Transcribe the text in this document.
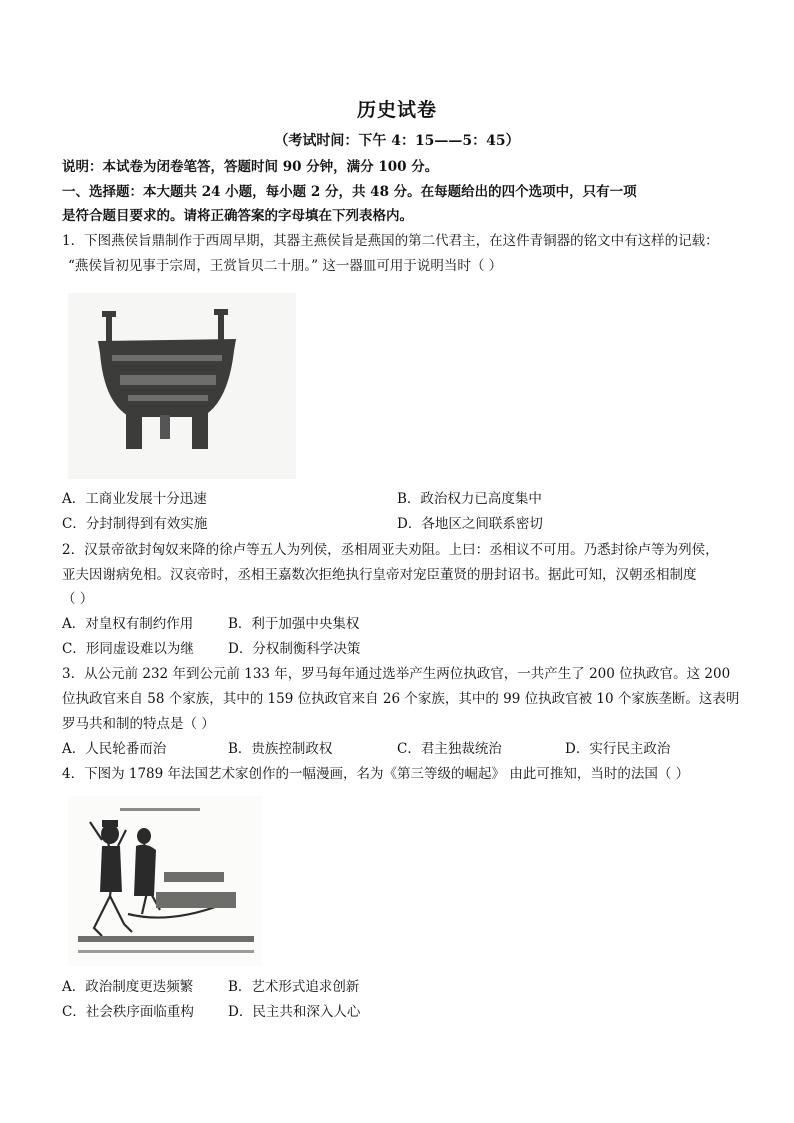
历史试卷
（考试时间：下午 4：15——5：45）
说明：本试卷为闭卷笔答，答题时间 90 分钟，满分 100 分。
一、选择题：本大题共 24 小题，每小题 2 分，共 48 分。在每题给出的四个选项中，只有一项
是符合题目要求的。请将正确答案的字母填在下列表格内。
1．下图燕侯旨鼎制作于西周早期，其器主燕侯旨是燕国的第二代君主，在这件青铜器的铭文中有这样的记载：
“燕侯旨初见事于宗周，王赏旨贝二十朋。” 这一器皿可用于说明当时（ ）
A．工商业发展十分迅速	B．政治权力已高度集中
C．分封制得到有效实施	D．各地区之间联系密切
2．汉景帝欲封匈奴来降的徐卢等五人为列侯，丞相周亚夫劝阻。上曰：丞相议不可用。乃悉封徐卢等为列侯，
亚夫因谢病免相。汉哀帝时，丞相王嘉数次拒绝执行皇帝对宠臣董贤的册封诏书。据此可知，汉朝丞相制度
（ ）
A．对皇权有制约作用	B．利于加强中央集权
C．形同虚设难以为继	D．分权制衡科学决策
3．从公元前 232 年到公元前 133 年，罗马每年通过选举产生两位执政官，一共产生了 200 位执政官。这 200
位执政官来自 58 个家族，其中的 159 位执政官来自 26 个家族，其中的 99 位执政官被 10 个家族垄断。这表明
罗马共和制的特点是（ ）
A．人民轮番而治	B．贵族控制政权	C．君主独裁统治	D．实行民主政治
4．下图为 1789 年法国艺术家创作的一幅漫画，名为《第三等级的崛起》 由此可推知，当时的法国（ ）
A．政治制度更迭频繁	B．艺术形式追求创新
C．社会秩序面临重构	D．民主共和深入人心
